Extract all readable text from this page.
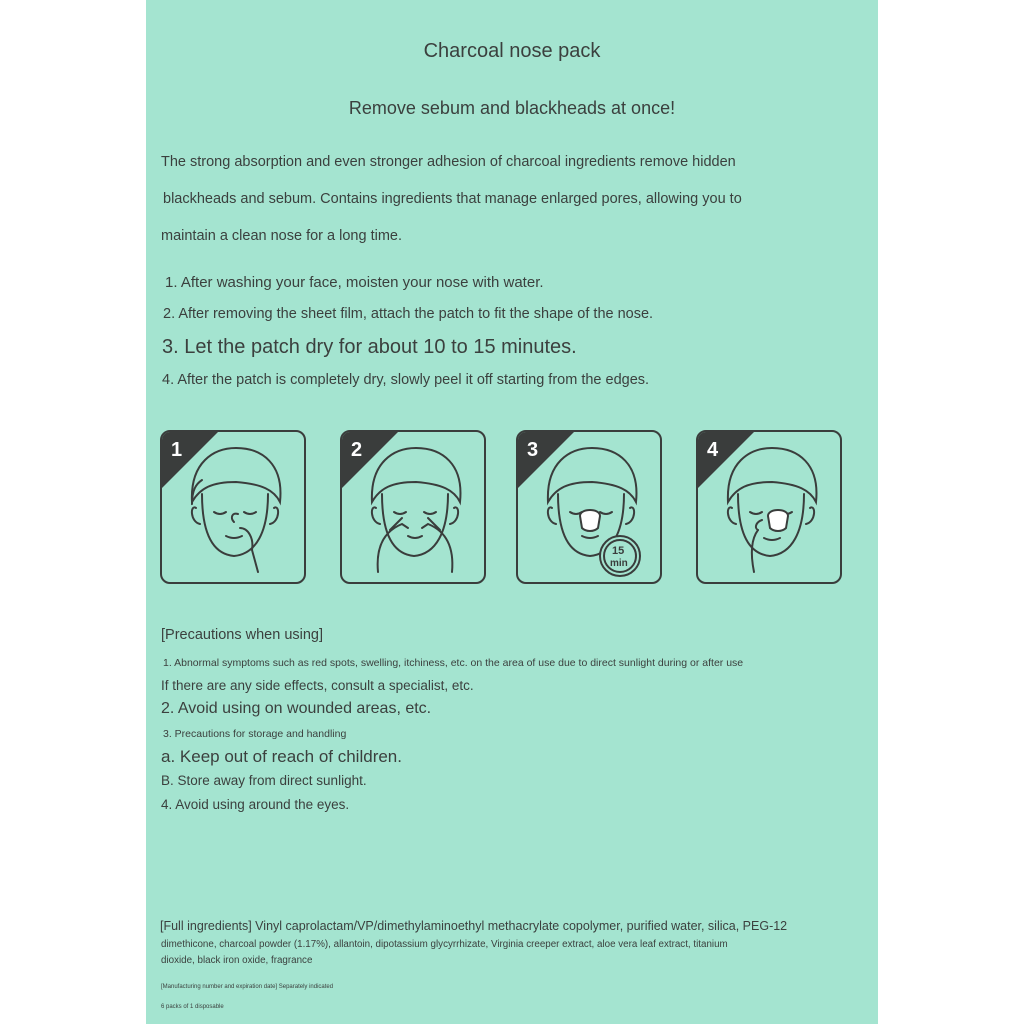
Charcoal nose pack
Remove sebum and blackheads at once!
The strong absorption and even stronger adhesion of charcoal ingredients remove hidden
blackheads and sebum. Contains ingredients that manage enlarged pores, allowing you to
maintain a clean nose for a long time.
1. After washing your face, moisten your nose with water.
2. After removing the sheet film, attach the patch to fit the shape of the nose.
3. Let the patch dry for about 10 to 15 minutes.
4. After the patch is completely dry, slowly peel it off starting from the edges.
1	2	3
15
min
4
[Precautions when using]
1. Abnormal symptoms such as red spots, swelling, itchiness, etc. on the area of use due to direct sunlight during or after use
If there are any side effects, consult a specialist, etc.
2. Avoid using on wounded areas, etc.
3. Precautions for storage and handling
a. Keep out of reach of children.
B. Store away from direct sunlight.
4. Avoid using around the eyes.
[Full ingredients] Vinyl caprolactam/VP/dimethylaminoethyl methacrylate copolymer, purified water, silica, PEG-12
dimethicone, charcoal powder (1.17%), allantoin, dipotassium glycyrrhizate, Virginia creeper extract, aloe vera leaf extract, titanium
dioxide, black iron oxide, fragrance
[Manufacturing number and expiration date] Separately indicated
6 packs of 1 disposable
